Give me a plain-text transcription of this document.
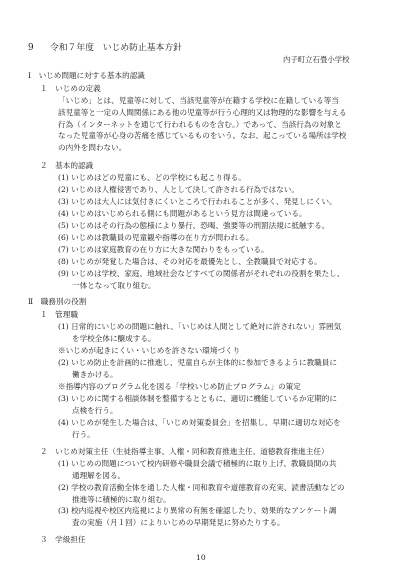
9 令和７年度　いじめ防止基本方針
内子町立石畳小学校
Ⅰ　いじめ問題に対する基本的認識
１　いじめの定義
「いじめ」とは、児童等に対して、当該児童等が在籍する学校に在籍している等当
該児童等と一定の人間関係にある他の児童等が行う心理的又は物理的な影響を与える
行為（インターネットを通じて行われるものを含む。）であって、当該行為の対象と
なった児童等が心身の苦痛を感じているものをいう。なお、起こっている場所は学校
の内外を問わない。
２　基本的認識
(1) いじめはどの児童にも、どの学校にも起こり得る。
(2) いじめは人権侵害であり、人として決して許される行為ではない。
(3) いじめは大人には気付きにくいところで行われることが多く、発見しにくい。
(4) いじめはいじめられる側にも問題があるという見方は間違っている。
(5) いじめはその行為の態様により暴行、恐喝、強要等の刑罰法規に抵触する。
(6) いじめは教職員の児童観や指導の在り方が問われる。
(7) いじめは家庭教育の在り方に大きな関わりをもっている。
(8) いじめが発覚した場合は、その対応を最優先とし、全教職員で対応する。
(9) いじめは学校、家庭、地域社会などすべての関係者がそれぞれの役割を果たし、
一体となって取り組む。
Ⅱ　職務別の役割
１　管理職
(1) 日常的にいじめの問題に触れ、「いじめは人間として絶対に許されない」雰囲気
を学校全体に醸成する。
※いじめが起きにくい・いじめを許さない環境づくり
(2) いじめ防止を計画的に推進し、児童自らが主体的に参加できるように教職員に
働きかける。
※指導内容のプログラム化を図る「学校いじめ防止プログラム」の策定
(3) いじめに関する相談体制を整備するとともに、適切に機能しているか定期的に
点検を行う。
(4) いじめが発生した場合は、「いじめ対策委員会」を招集し、早期に適切な対応を
行う。
２　いじめ対策主任（生徒指導主事、人権・同和教育推進主任、道徳教育推進主任）
(1) いじめの問題について校内研修や職員会議で積極的に取り上げ、教職員間の共
通理解を図る。
(2) 学校の教育活動全体を通した人権・同和教育や道徳教育の充実、読書活動などの
推進等に積極的に取り組む。
(3) 校内巡視や校区内巡視により異常の有無を確認したり、効果的なアンケート調
査の実施（月１回）によりいじめの早期発見に努めたりする。
３　学級担任
10
